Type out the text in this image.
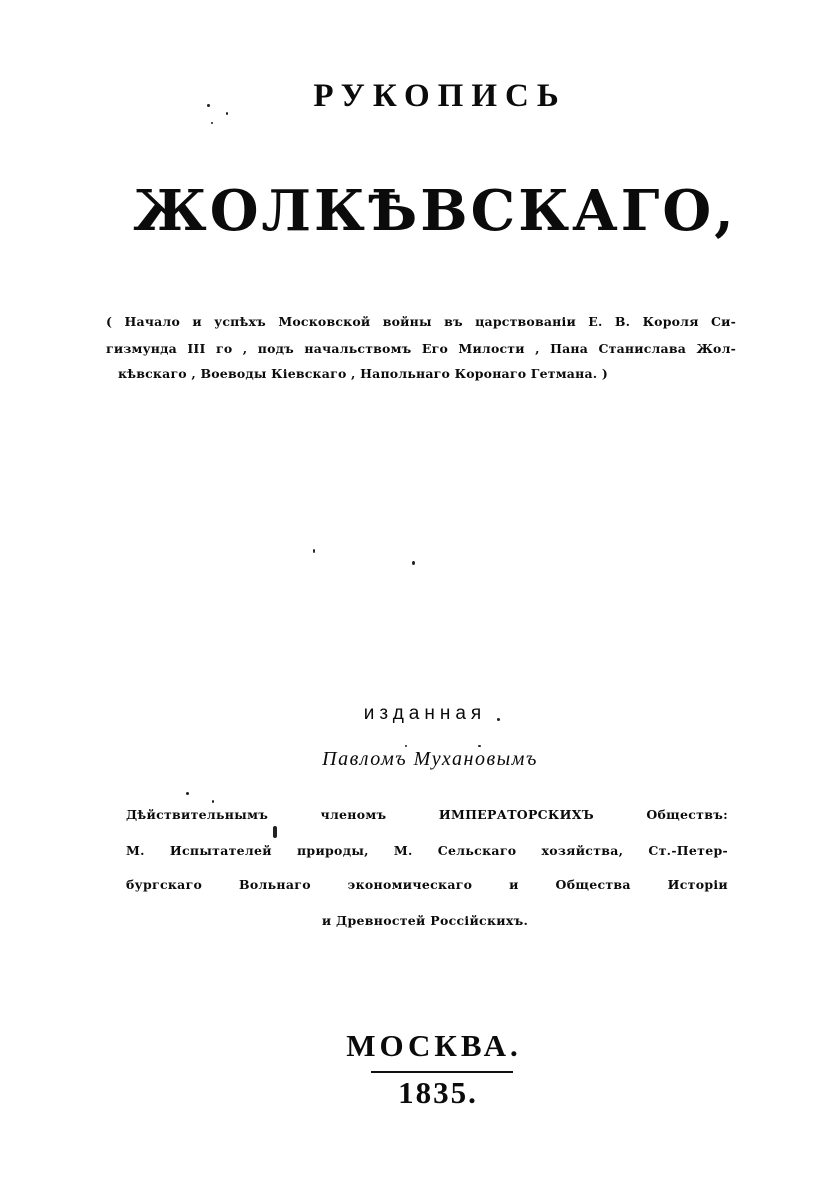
РУКОПИСЬ
ЖОЛКѢВСКАГО,
( Начало и успѣхъ Московской войны въ царствованіи Е. В. Короля Си-
гизмунда III го , подъ начальствомъ Его Милости , Пана Станислава Жол-
кѣвскаго , Воеводы Кіевскаго , Напольнаго Коронаго Гетмана. )
изданная
Павломъ Мухановымъ
Дѣйствительнымъ членомъ ИМПЕРАТОРСКИХЪ Обществъ:
М. Испытателей природы, М. Сельскаго хозяйства, Ст.-Петер-
бургскаго Вольнаго экономическаго и Общества Исторіи
и Древностей Россійскихъ.
МОСКВА.
1835.
